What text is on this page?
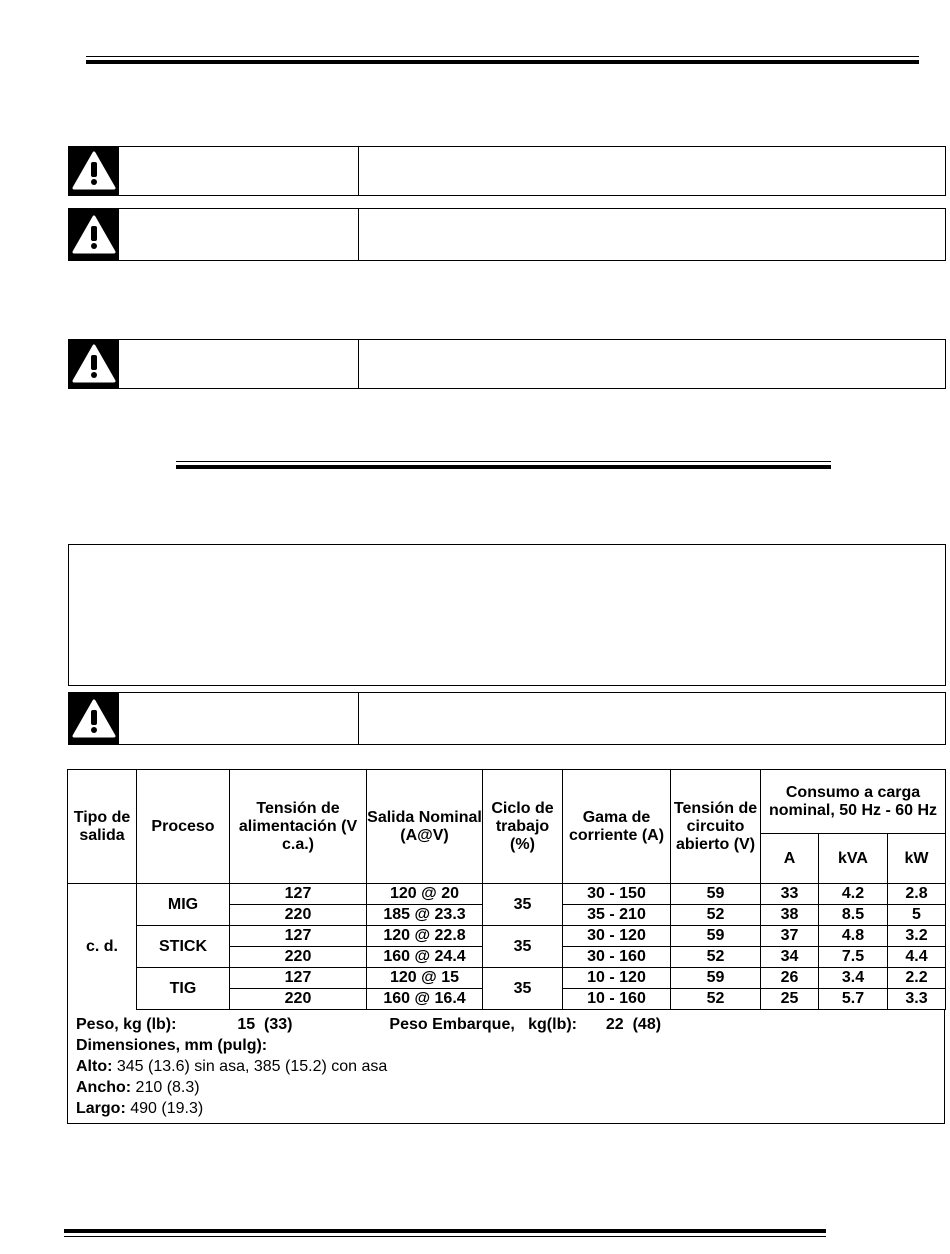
Tipo de salida	Proceso	Tensión de alimentación (V c.a.)	Salida Nominal (A@V)	Ciclo de trabajo (%)	Gama de corriente (A)	Tensión de circuito abierto (V)	Consumo a carga nominal, 50 Hz - 60 Hz		
							A	kVA	kW
c. d.	MIG	127	120 @ 20	35	30 - 150	59	33	4.2	2.8
		220	185 @ 23.3		35 - 210	52	38	8.5	5
	STICK	127	120 @ 22.8	35	30 - 120	59	37	4.8	3.2
		220	160 @ 24.4		30 - 160	52	34	7.5	4.4
	TIG	127	120 @ 15	35	10 - 120	59	26	3.4	2.2
		220	160 @ 16.4		10 - 160	52	25	5.7	3.3
Peso, kg (lb):	15  (33)	Peso Embarque,   kg(lb): 22  (48)
Dimensiones, mm (pulg):
Alto: 345 (13.6) sin asa, 385 (15.2) con asa
Ancho: 210 (8.3)
Largo: 490 (19.3)
